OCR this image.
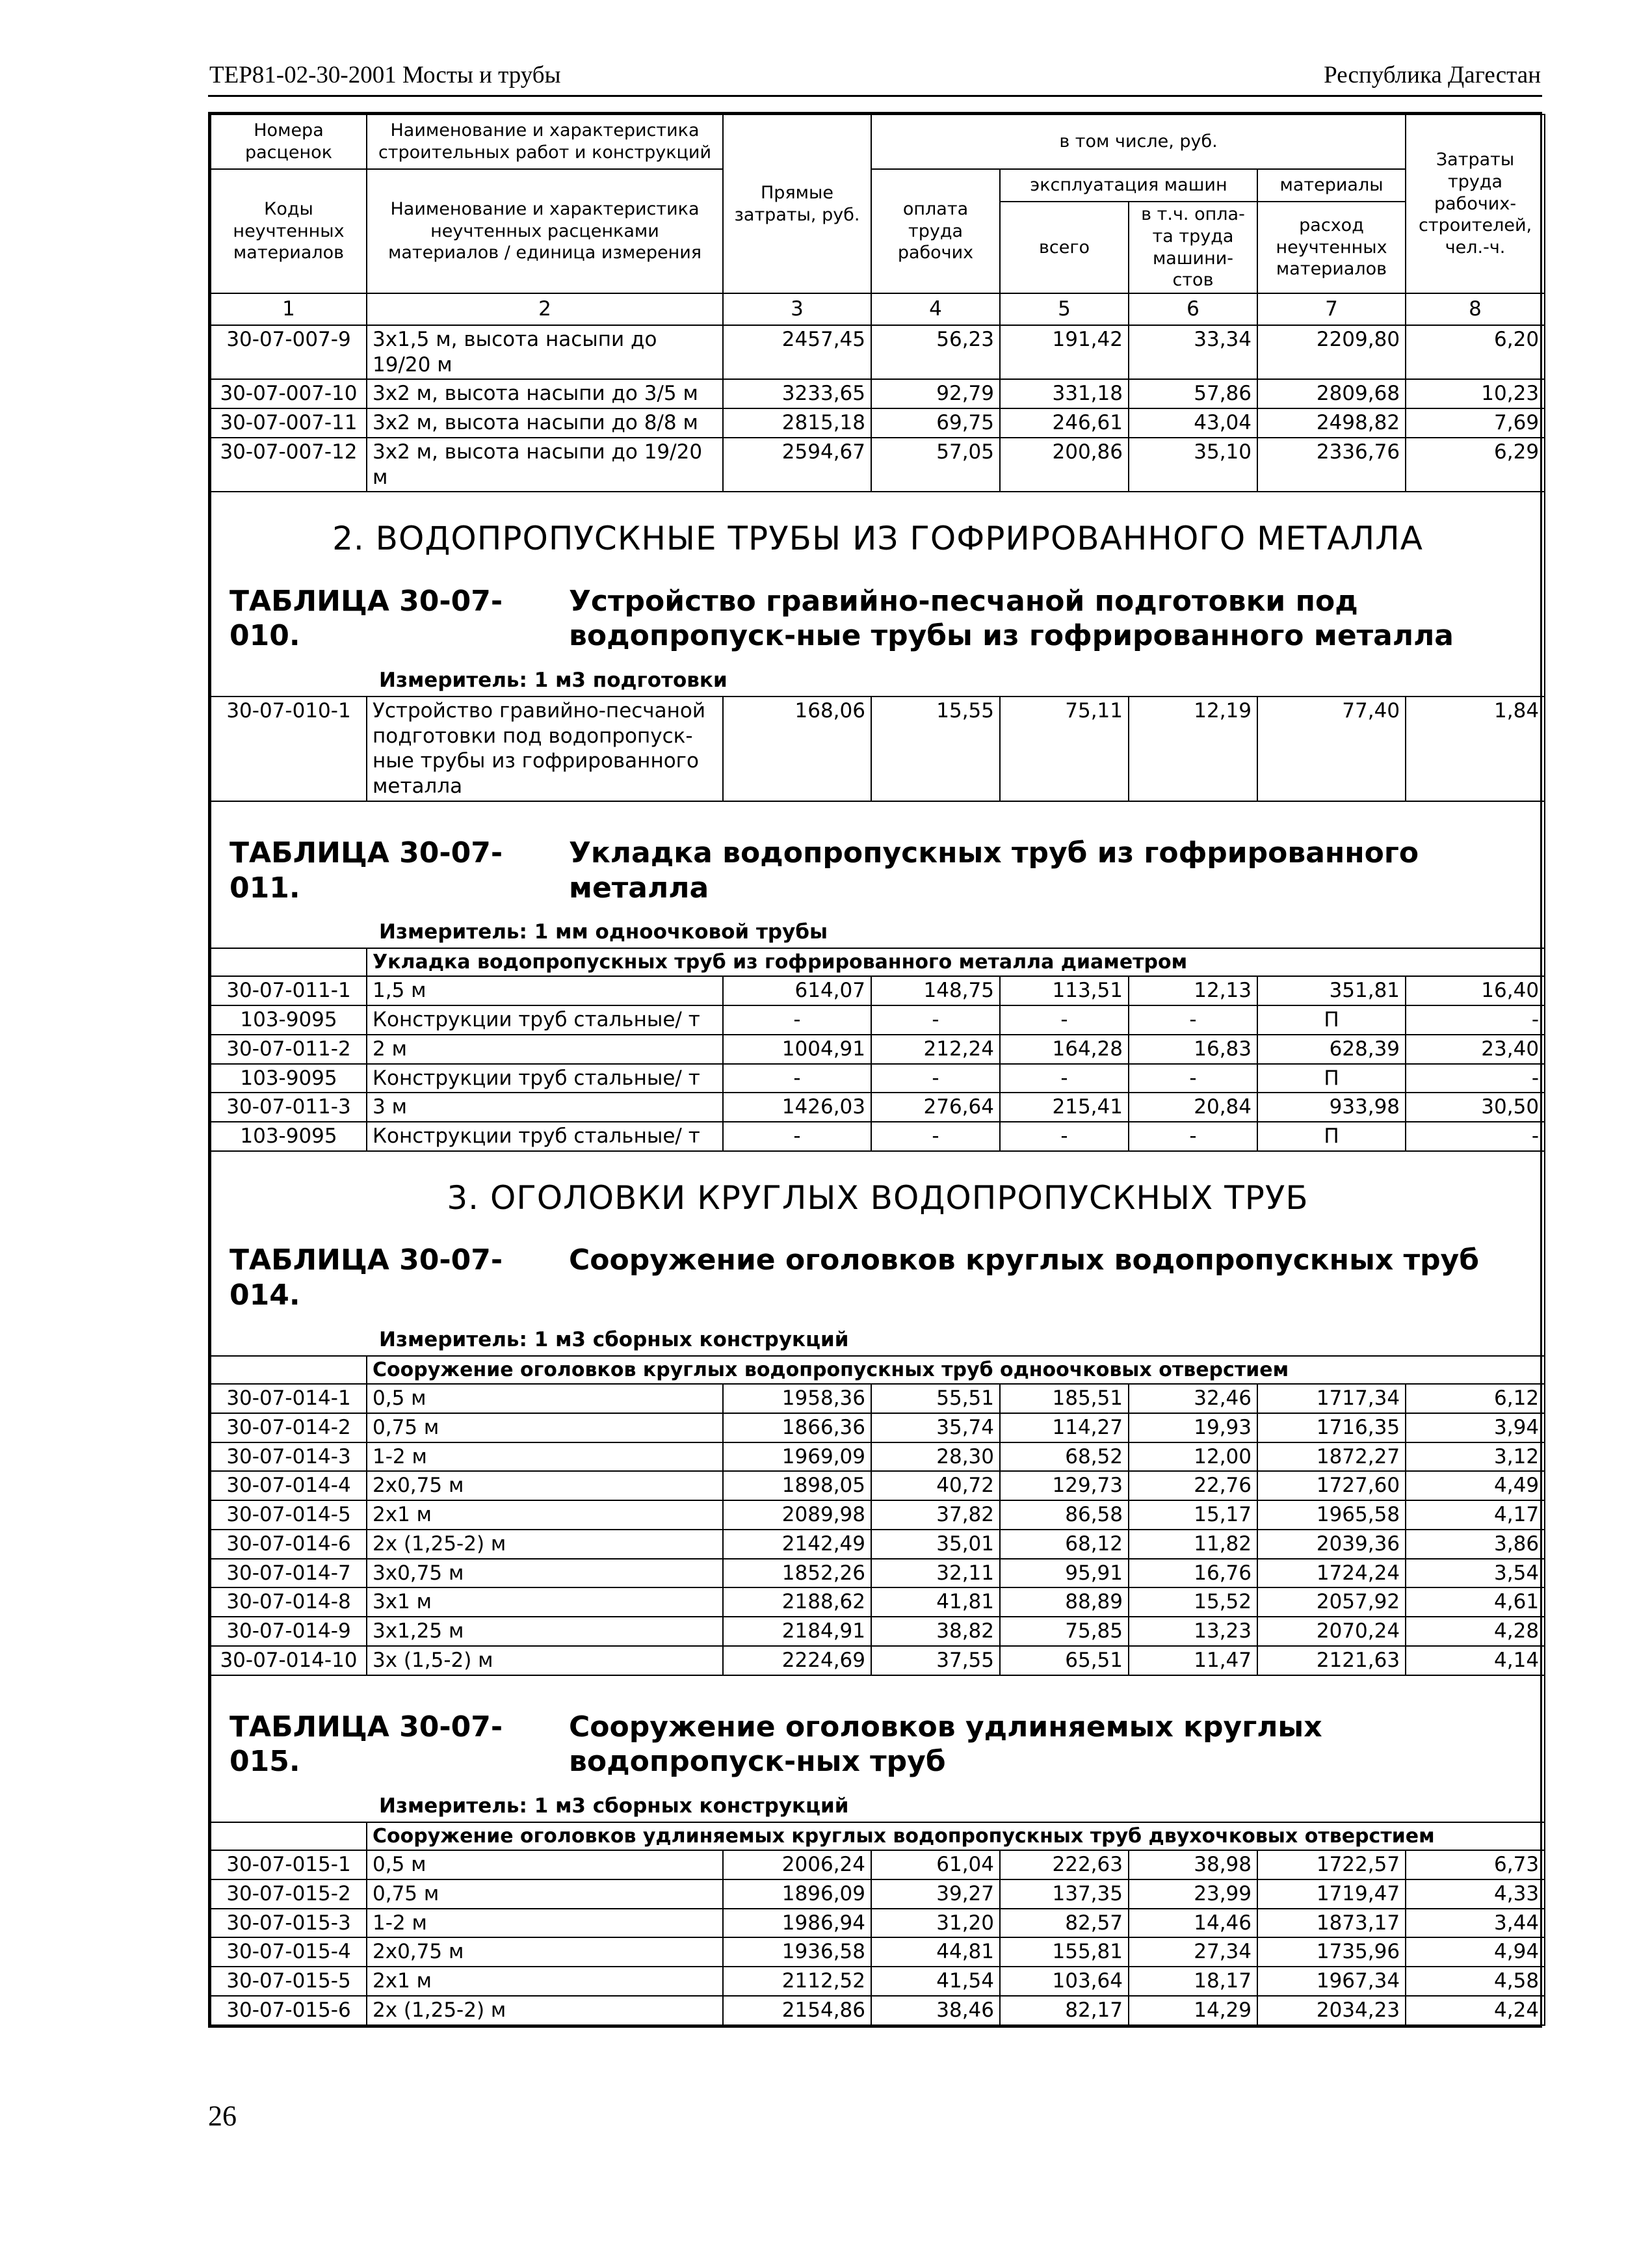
ТЕР81-02-30-2001 Мосты и трубы	Республика Дагестан
Номера расценок	Наименование и характеристика строительных работ и конструкций	Прямые затраты, руб.	в том числе, руб.				Затраты труда рабочих-строителей, чел.-ч.
Коды неучтенных материалов	Наименование и характеристика неучтенных расценками материалов / единица измерения		оплата труда рабочих	эксплуатация машин		материалы	
				всего	в т.ч. опла-та труда машини-стов	расход неучтенных материалов	
1	2	3	4	5	6	7	8
30-07-007-9	3х1,5 м, высота насыпи до 19/20 м	2457,45	56,23	191,42	33,34	2209,80	6,20
30-07-007-10	3х2 м, высота насыпи до 3/5 м	3233,65	92,79	331,18	57,86	2809,68	10,23
30-07-007-11	3х2 м, высота насыпи до 8/8 м	2815,18	69,75	246,61	43,04	2498,82	7,69
30-07-007-12	3х2 м, высота насыпи до 19/20 м	2594,67	57,05	200,86	35,10	2336,76	6,29

2. ВОДОПРОПУСКНЫЕ ТРУБЫ ИЗ ГОФРИРОВАННОГО МЕТАЛЛА							

ТАБЛИЦА 30-07-010.Устройство гравийно-песчаной подготовки под водопропуск-ные трубы из гофрированного металла							

Измеритель: 1 м3 подготовки							

30-07-010-1	Устройство гравийно-песчаной подготовки под водопропуск-ные трубы из гофрированного металла	168,06	15,55	75,11	12,19	77,40	1,84

ТАБЛИЦА 30-07-011.Укладка водопропускных труб из гофрированного металла							

Измеритель: 1 мм одноочковой трубы							

	Укладка водопропускных труб из гофрированного металла диаметром						
30-07-011-1	1,5 м	614,07	148,75	113,51	12,13	351,81	16,40
103-9095	Конструкции труб стальные/ т	-	-	-	-	П	-
30-07-011-2	2 м	1004,91	212,24	164,28	16,83	628,39	23,40
103-9095	Конструкции труб стальные/ т	-	-	-	-	П	-
30-07-011-3	3 м	1426,03	276,64	215,41	20,84	933,98	30,50
103-9095	Конструкции труб стальные/ т	-	-	-	-	П	-

3. ОГОЛОВКИ КРУГЛЫХ ВОДОПРОПУСКНЫХ ТРУБ							

ТАБЛИЦА 30-07-014.Сооружение оголовков круглых водопропускных труб							

Измеритель: 1 м3 сборных конструкций							

	Сооружение оголовков круглых водопропускных труб одноочковых отверстием						
30-07-014-1	0,5 м	1958,36	55,51	185,51	32,46	1717,34	6,12
30-07-014-2	0,75 м	1866,36	35,74	114,27	19,93	1716,35	3,94
30-07-014-3	1-2 м	1969,09	28,30	68,52	12,00	1872,27	3,12
30-07-014-4	2х0,75 м	1898,05	40,72	129,73	22,76	1727,60	4,49
30-07-014-5	2х1 м	2089,98	37,82	86,58	15,17	1965,58	4,17
30-07-014-6	2х (1,25-2) м	2142,49	35,01	68,12	11,82	2039,36	3,86
30-07-014-7	3х0,75 м	1852,26	32,11	95,91	16,76	1724,24	3,54
30-07-014-8	3х1 м	2188,62	41,81	88,89	15,52	2057,92	4,61
30-07-014-9	3х1,25 м	2184,91	38,82	75,85	13,23	2070,24	4,28
30-07-014-10	3х (1,5-2) м	2224,69	37,55	65,51	11,47	2121,63	4,14

ТАБЛИЦА 30-07-015.Сооружение оголовков удлиняемых круглых водопропуск-ных труб							

Измеритель: 1 м3 сборных конструкций							

	Сооружение оголовков удлиняемых круглых водопропускных труб двухочковых отверстием						
30-07-015-1	0,5 м	2006,24	61,04	222,63	38,98	1722,57	6,73
30-07-015-2	0,75 м	1896,09	39,27	137,35	23,99	1719,47	4,33
30-07-015-3	1-2 м	1986,94	31,20	82,57	14,46	1873,17	3,44
30-07-015-4	2х0,75 м	1936,58	44,81	155,81	27,34	1735,96	4,94
30-07-015-5	2х1 м	2112,52	41,54	103,64	18,17	1967,34	4,58
30-07-015-6	2х (1,25-2) м	2154,86	38,46	82,17	14,29	2034,23	4,24
26
